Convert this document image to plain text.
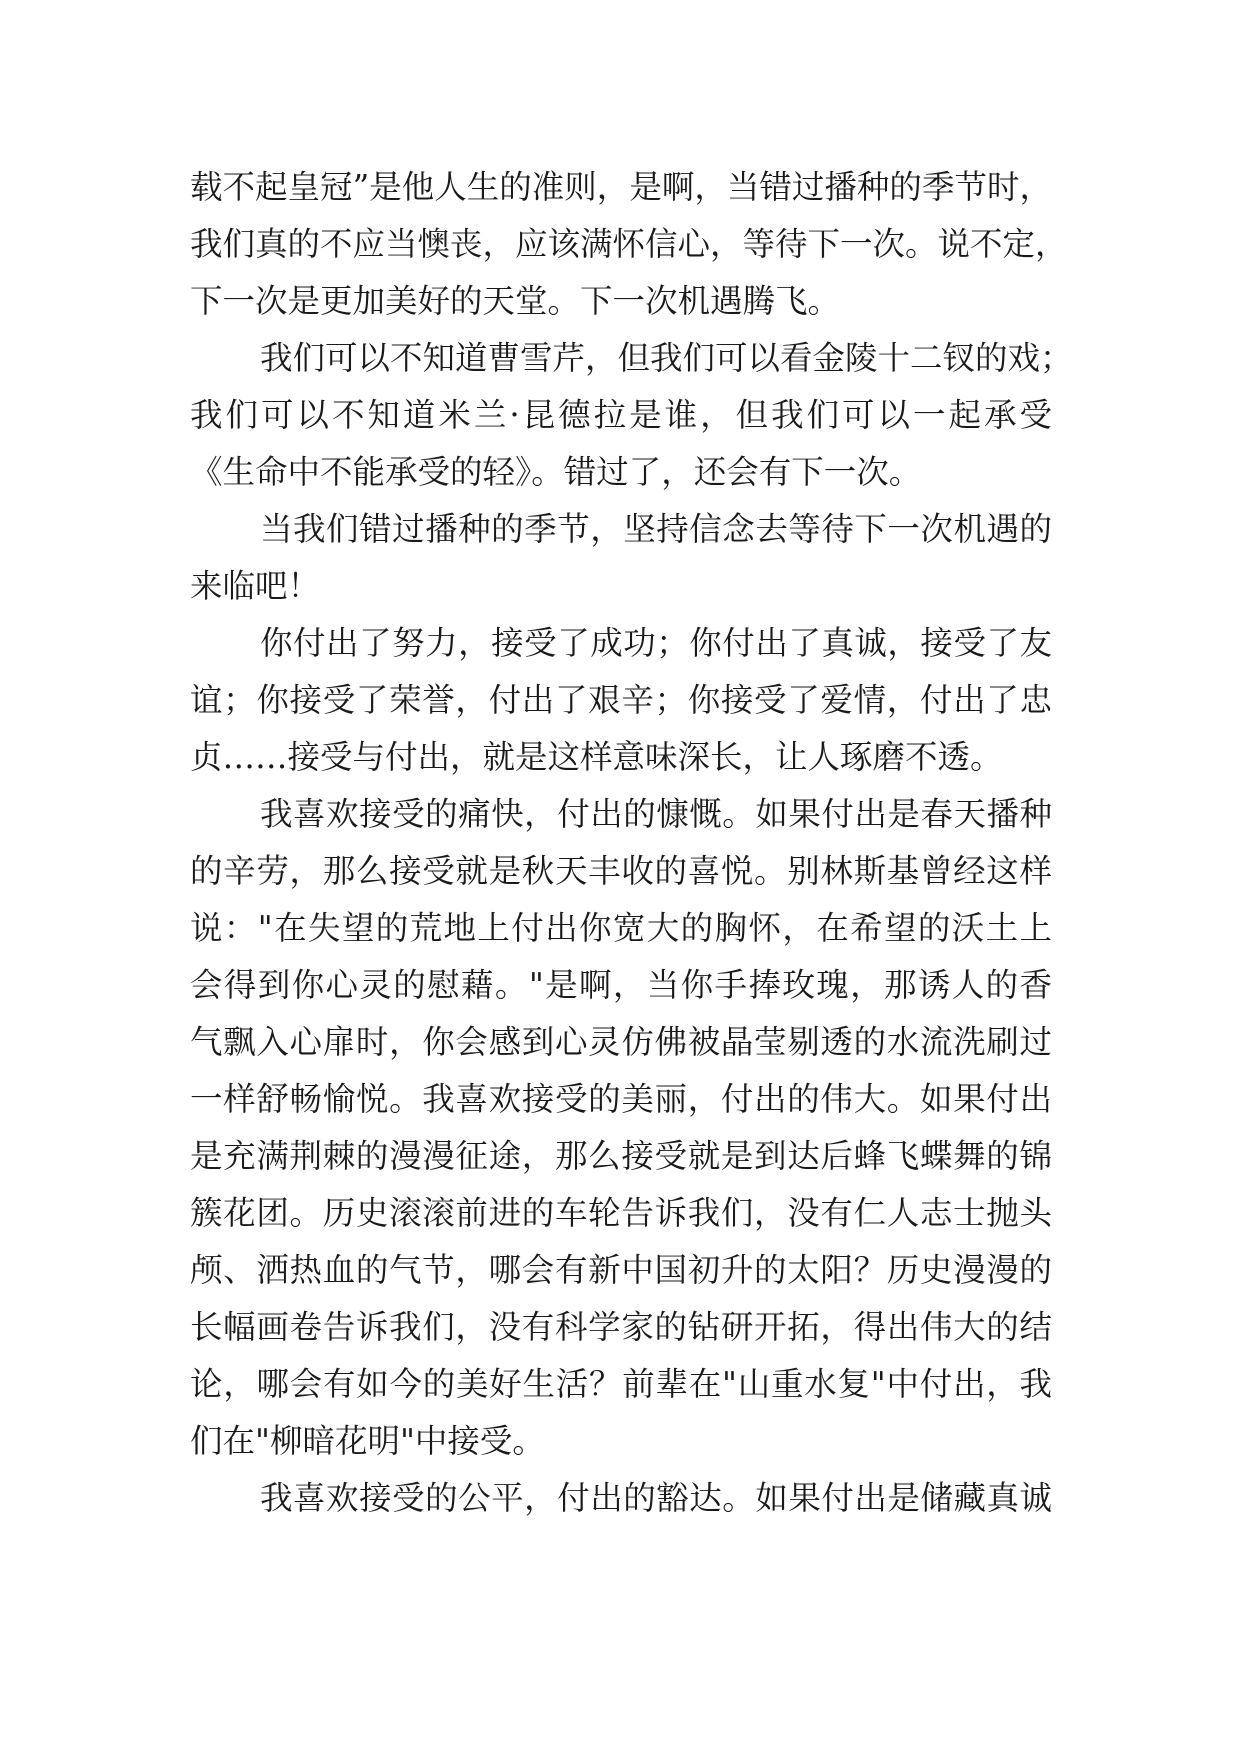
载不起皇冠”是他人生的准则，是啊，当错过播种的季节时，
我们真的不应当懊丧，应该满怀信心，等待下一次。说不定，
下一次是更加美好的天堂。下一次机遇腾飞。
我们可以不知道曹雪芹，但我们可以看金陵十二钗的戏；
我们可以不知道米兰·昆德拉是谁，但我们可以一起承受
《生命中不能承受的轻》。错过了，还会有下一次。
当我们错过播种的季节，坚持信念去等待下一次机遇的
来临吧！
你付出了努力，接受了成功；你付出了真诚，接受了友
谊；你接受了荣誉，付出了艰辛；你接受了爱情，付出了忠
贞……接受与付出，就是这样意味深长，让人琢磨不透。
我喜欢接受的痛快，付出的慷慨。如果付出是春天播种
的辛劳，那么接受就是秋天丰收的喜悦。别林斯基曾经这样
说："在失望的荒地上付出你宽大的胸怀，在希望的沃土上
会得到你心灵的慰藉。"是啊，当你手捧玫瑰，那诱人的香
气飘入心扉时，你会感到心灵仿佛被晶莹剔透的水流洗刷过
一样舒畅愉悦。我喜欢接受的美丽，付出的伟大。如果付出
是充满荆棘的漫漫征途，那么接受就是到达后蜂飞蝶舞的锦
簇花团。历史滚滚前进的车轮告诉我们，没有仁人志士抛头
颅、洒热血的气节，哪会有新中国初升的太阳？历史漫漫的
长幅画卷告诉我们，没有科学家的钻研开拓，得出伟大的结
论，哪会有如今的美好生活？前辈在"山重水复"中付出，我
们在"柳暗花明"中接受。
我喜欢接受的公平，付出的豁达。如果付出是储藏真诚
